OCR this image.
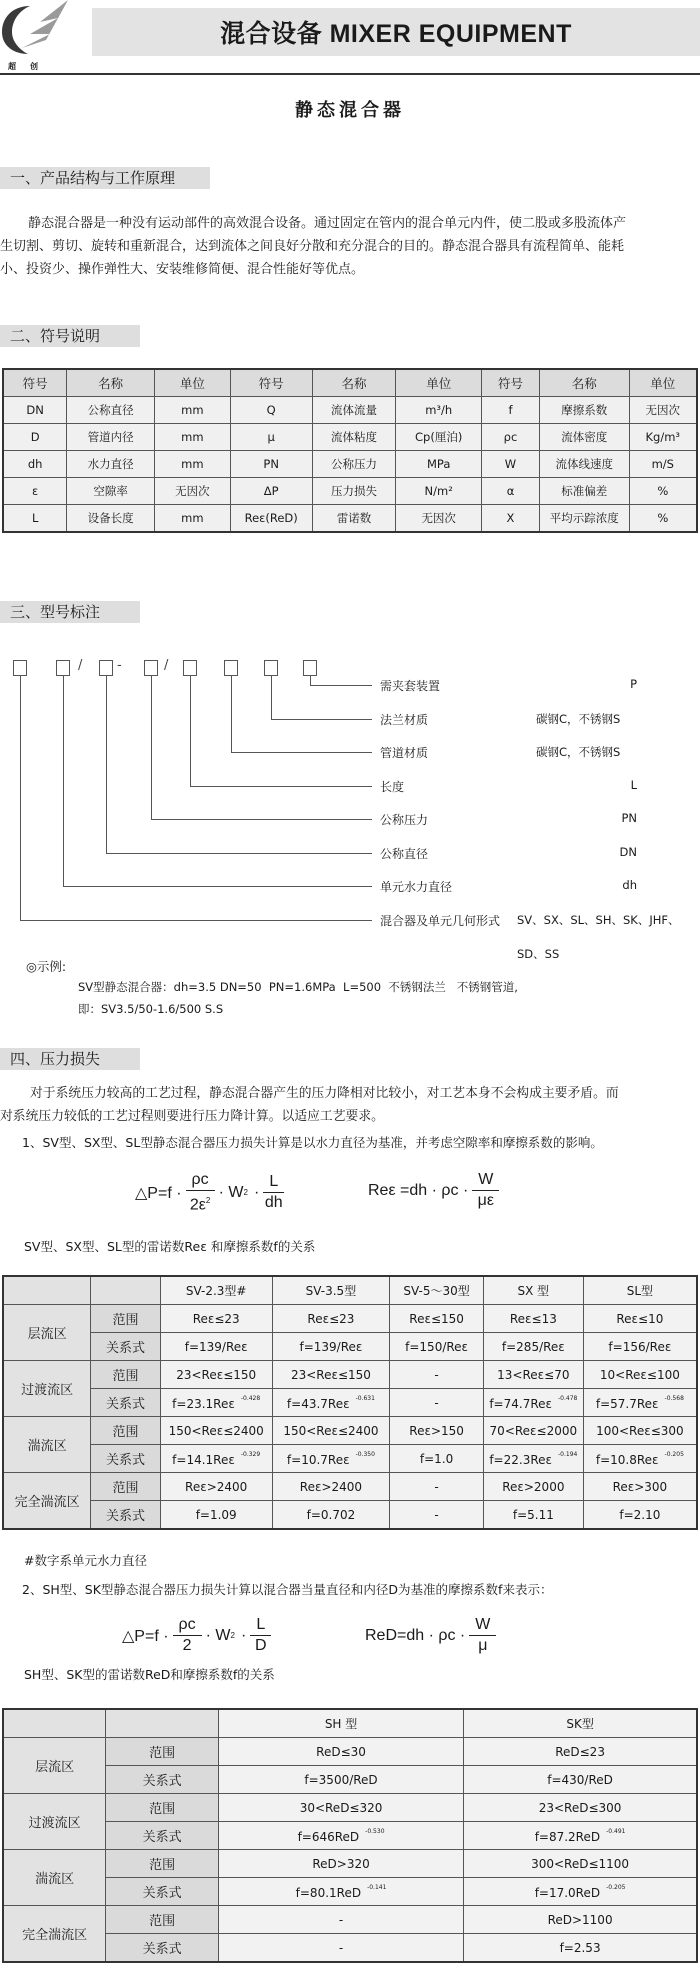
超创
混合设备 MIXER EQUIPMENT
静态混合器
一、产品结构与工作原理
静态混合器是一种没有运动部件的高效混合设备。通过固定在管内的混合单元内件，使二股或多股流体产
生切割、剪切、旋转和重新混合，达到流体之间良好分散和充分混合的目的。静态混合器具有流程简单、能耗
小、投资少、操作弹性大、安装维修简便、混合性能好等优点。
二、符号说明
符号	名称	单位	符号	名称	单位	符号	名称	单位
DN	公称直径	mm	Q	流体流量	m³/h	f	摩擦系数	无因次
D	管道内径	mm	μ	流体粘度	Cp(厘泊)	ρc	流体密度	Kg/m³
dh	水力直径	mm	PN	公称压力	MPa	W	流体线速度	m/S
ε	空隙率	无因次	ΔP	压力损失	N/m²	α	标准偏差	%
L	设备长度	mm	Reε(ReD)	雷诺数	无因次	X	平均示踪浓度	%
三、型号标注
/	-	/
需夹套装置	P
法兰材质	碳钢C，不锈钢S
管道材质	碳钢C，不锈钢S
长度	L
公称压力	PN
公称直径	DN
单元水力直径	dh
混合器及单元几何形式 SV、SX、SL、SH、SK、JHF、
SD、SS
◎示例:
SV型静态混合器：dh=3.5 DN=50  PN=1.6MPa  L=500  不锈钢法兰   不锈钢管道,
即：SV3.5/50-1.6/500 S.S
四、压力损失
对于系统压力较高的工艺过程，静态混合器产生的压力降相对比较小，对工艺本身不会构成主要矛盾。而
对系统压力较低的工艺过程则要进行压力降计算。以适应工艺要求。
1、SV型、SX型、SL型静态混合器压力损失计算是以水力直径为基准，并考虑空隙率和摩擦系数的影响。
△P=f · $\frac{\rho c}{2\varepsilon^2} \cdot W$ $2 \cdot \frac{L}{dh}$	$Re\varepsilon =dh \cdot \rho c \cdot \frac{W}{\mu\varepsilon}$
SV型、SX型、SL型的雷诺数Reε 和摩擦系数f的关系
		SV-2.3型#	SV-3.5型	SV-5～30型	SX 型	SL型
层流区	范围	Reε≤23	Reε≤23	Reε≤150	Reε≤13	Reε≤10
	关系式	f=139/Reε	f=139/Reε	f=150/Reε	f=285/Reε	f=156/Reε
过渡流区	范围	23<Reε≤150	23<Reε≤150	-	13<Reε≤70	10<Reε≤100
	关系式	f=23.1Reε $^{-0.428}$	f=43.7Reε $^{-0.631}$	-	f=74.7Reε $^{-0.478}$	f=57.7Reε $^{-0.568}$
湍流区	范围	150<Reε≤2400	150<Reε≤2400	Reε>150	70<Reε≤2000	100<Reε≤300
	关系式	f=14.1Reε $^{-0.329}$	f=10.7Reε $^{-0.350}$	f=1.0	f=22.3Reε $^{-0.194}$	f=10.8Reε $^{-0.205}$
完全湍流区	范围	Reε>2400	Reε>2400	-	Reε>2000	Reε>300
	关系式	f=1.09	f=0.702	-	f=5.11	f=2.10
#数字系单元水力直径
2、SH型、SK型静态混合器压力损失计算以混合器当量直径和内径D为基准的摩擦系数f来表示：
△P=f · $\frac{\rho c}{2} \cdot W$ $2 \cdot \frac{L}{D}$	$ReD=dh \cdot \rho c \cdot \frac{W}{\mu}$
SH型、SK型的雷诺数ReD和摩擦系数f的关系
		SH 型	SK型
层流区	范围	ReD≤30	ReD≤23
	关系式	f=3500/ReD	f=430/ReD
过渡流区	范围	30<ReD≤320	23<ReD≤300
	关系式	f=646ReD $^{-0.530}$	f=87.2ReD $^{-0.491}$
湍流区	范围	ReD>320	300<ReD≤1100
	关系式	f=80.1ReD $^{-0.141}$	f=17.0ReD $^{-0.205}$
完全湍流区	范围	-	ReD>1100
	关系式	-	f=2.53
